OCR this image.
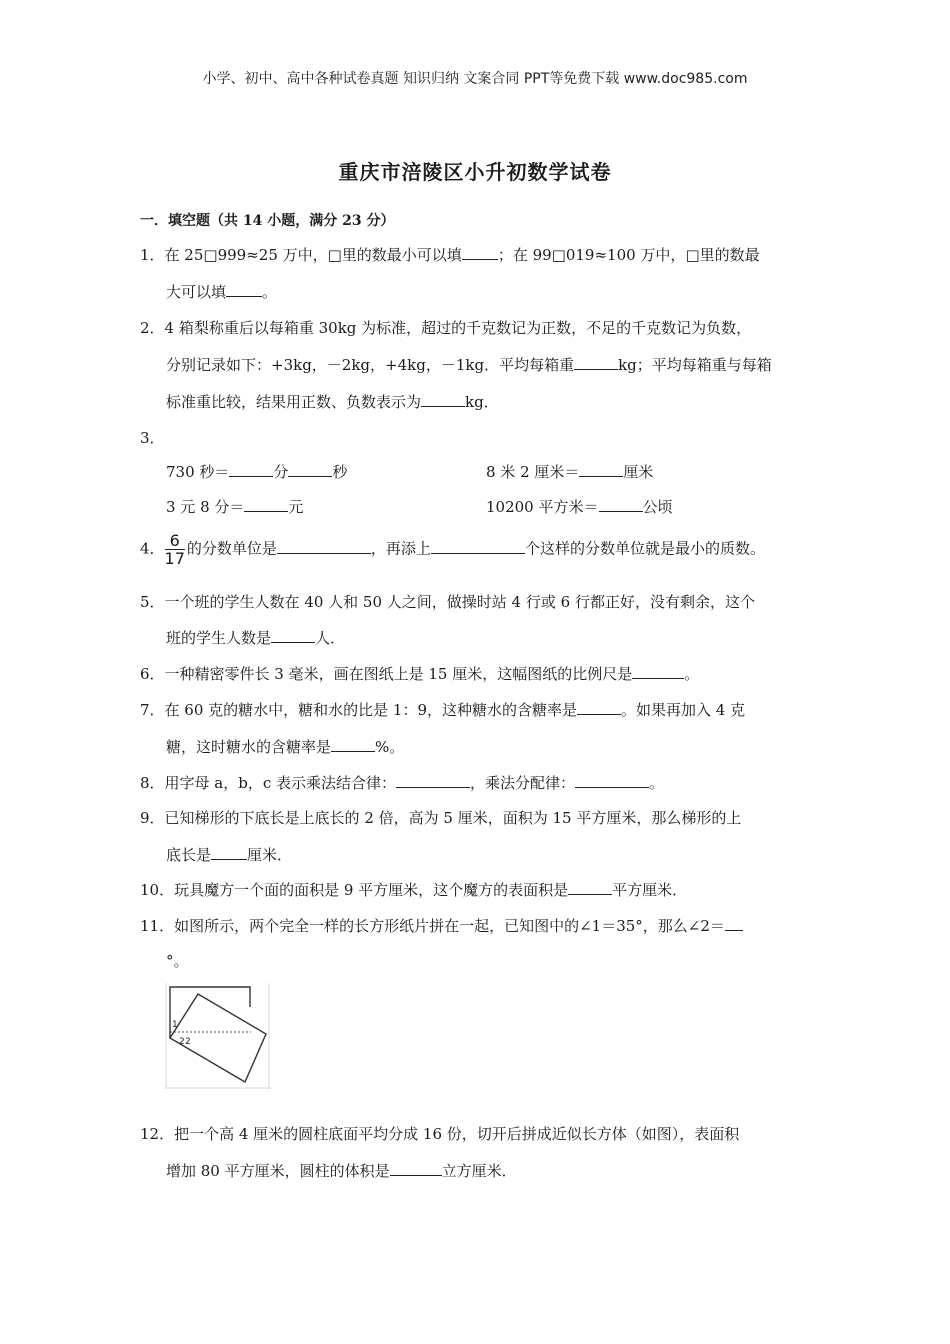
小学、初中、高中各种试卷真题 知识归纳 文案合同 PPT等免费下载 www.doc985.com
重庆市涪陵区小升初数学试卷
一．填空题（共 14 小题，满分 23 分）
1．在 25□999≈25 万中，□里的数最小可以填 ；在 99□019≈100 万中，□里的数最
大可以填 。
2．4 箱梨称重后以每箱重 30kg 为标准，超过的千克数记为正数，不足的千克数记为负数，
分别记录如下：+3kg，－2kg，+4kg，－1kg．平均每箱重	kg；平均每箱重与每箱
标准重比较，结果用正数、负数表示为	kg．
3．
730 秒＝	分	秒	8 米 2 厘米＝	厘米
3 元 8 分＝	元	10200 平方米＝	公顷
4． $\frac{6}{17}$ 的分数单位是	，再添上	个这样的分数单位就是最小的质数。
5．一个班的学生人数在 40 人和 50 人之间，做操时站 4 行或 6 行都正好，没有剩余，这个
班的学生人数是	人．
6．一种精密零件长 3 毫米，画在图纸上是 15 厘米，这幅图纸的比例尺是	。
7．在 60 克的糖水中，糖和水的比是 1：9，这种糖水的含糖率是	。如果再加入 4 克
糖，这时糖水的含糖率是	%。
8．用字母 a，b，c 表示乘法结合律：	，乘法分配律：	。
9．已知梯形的下底长是上底长的 2 倍，高为 5 厘米，面积为 15 平方厘米，那么梯形的上
底长是 厘米．
10．玩具魔方一个面的面积是 9 平方厘米，这个魔方的表面积是	平方厘米．
11．如图所示，两个完全一样的长方形纸片拼在一起，已知图中的∠1＝35°，那么∠2＝
°。
1
2 2
12．把一个高 4 厘米的圆柱底面平均分成 16 份，切开后拼成近似长方体（如图），表面积
增加 80 平方厘米，圆柱的体积是	立方厘米．
